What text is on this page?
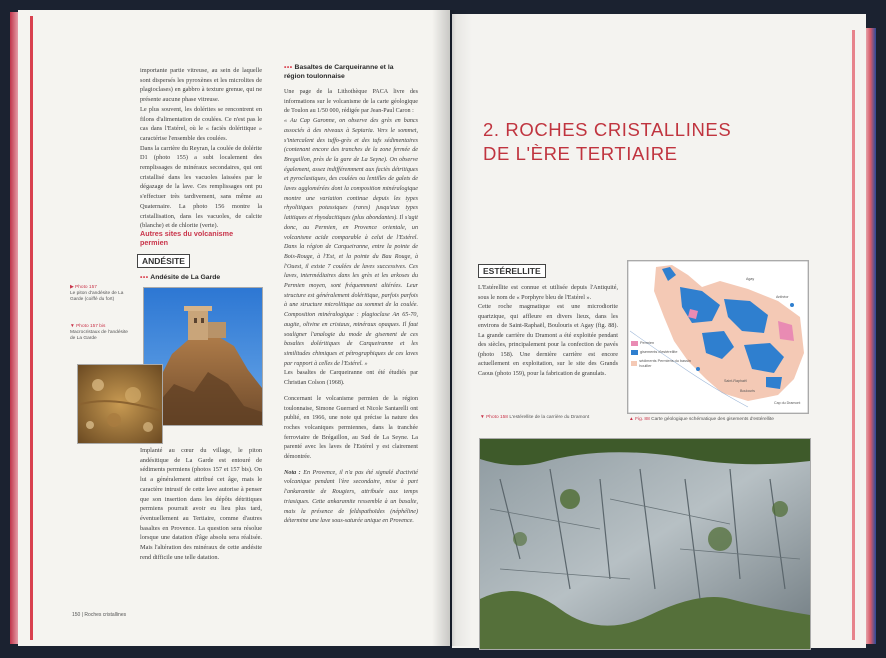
importante partie vitreuse, au sein de laquelle sont dispersés les pyroxènes et les microlites de plagioclases) en gabbro à texture grenue, qui ne présente aucune phase vitreuse.

Le plus souvent, les dolérites se rencontrent en filons d'alimentation de coulées. Ce n'est pas le cas dans l'Estérel, où le « faciès doléritique » caractérise l'ensemble des coulées.

Dans la carrière du Reyran, la coulée de dolérite D1 (photo 155) a subi localement des remplissages de minéraux secondaires, qui ont cristallisé dans les vacuoles laissées par le dégazage de la lave. Ces remplissages ont pu s'effectuer très tardivement, sans même au Quaternaire. La photo 156 montre la cristallisation, dans les vacuoles, de calcite (blanche) et de chlorite (verte).

Autres sites du volcanisme
permien
ANDÉSITE
••• Andésite de La Garde
▶ Photo 157
Le piton d'andésite de La Garde (coiffé du fort)
▼ Photo 157 bis
Macrocristaux de l'andésite de La Garde
Implanté au cœur du village, le piton andésitique de La Garde est entouré de sédiments permiens (photos 157 et 157 bis). On lui a généralement attribué cet âge, mais le caractère intrusif de cette lave autorise à penser que son insertion dans les dépôts détritiques permiens pourrait avoir eu lieu plus tard, éventuellement au Tertiaire, comme d'autres basaltes en Provence. La question sera résolue lorsque une datation d'âge absolu sera réalisée. Mais l'altération des minéraux de cette andésite rend difficile une telle datation.
••• Basaltes de Carqueiranne et la
région toulonnaise

Une page de la Lithothèque PACA livre des informations sur le volcanisme de la carte géologique de Toulon au 1/50 000, rédigée par Jean-Paul Caron :

« Au Cap Garonne, on observe des grès en bancs associés à des niveaux à Septaria. Vers le sommet, s'intercalent des tuffo-grès et des tufs sédimentaires (contenant encore des tranches de la zone fermée de Bregaillon, près de la gare de La Seyne). On observe également, assez indifféremment aux faciès détritiques et pyroclastiques, des coulées ou lentilles de galets de laves agglomérées dont la composition minéralogique montre une variation continue depuis les types rhyolitiques potassiques (rares) jusqu'aux types latitiques et rhyodacitiques (plus abondantes). Il s'agit donc, au Permien, en Provence orientale, un volcanisme acide comparable à celui de l'Estérel. Dans la région de Carqueiranne, entre la pointe de Bois-Rouge, à l'Est, et la pointe du Bau Rouge, à l'Ouest, il existe 7 coulées de laves successives. Ces laves, intermédiaires dans les grès et les arkoses du Permien moyen, sont fréquemment altérées. Leur structure est généralement doléritique, parfois parfois à une structure microlitique au sommet de la coulée. Composition minéralogique : plagioclase An 65-70, augite, olivine en cristaux, minéraux opaques. Il faut souligner l'analogie du mode de gisement de ces basaltes doléritiques de Carqueiranne et les similitudes chimiques et pétrographiques de ces laves par rapport à celles de l'Estérel. »

Les basaltes de Carqueiranne ont été étudiés par Christian Colson (1968).

Concernant le volcanisme permien de la région toulonnaise, Simone Guerrard et Nicole Santarelli ont publié, en 1966, une note qui précise la nature des roches volcaniques permiennes, dans la tranchée ferroviaire de Brégaillon, au Sud de La Seyne. La parenté avec les laves de l'Estérel y est clairement démontrée.

Nota : En Provence, il n'a pas été signalé d'activité volcanique pendant l'ère secondaire, mise à part l'ankaramite de Rougiers, attribuée aux temps triasiques. Cette ankaramite ressemble à un basalte, mais la présence de feldspathoïdes (néphéline) détermine une lave sous-saturée unique en Provence.

150 | Roches cristallines
2. ROCHES CRISTALLINES
DE L'ÈRE TERTIAIRE
ESTÉRELLITE

L'Estérellite est connue et utilisée depuis l'Antiquité, sous le nom de « Porphyre bleu de l'Estérel ».

Cette roche magmatique est une microdiorite quartzique, qui affleure en divers lieux, dans les environs de Saint-Raphaël, Boulouris et Agay (fig. 88). La grande carrière du Dramont a été exploitée pendant des siècles, principalement pour la confection de pavés (photo 158). Une dernière carrière est encore actuellement en exploitation, sur le site des Grands Caous (photo 159), pour la fabrication de granulats.

Permien
gisements d'estérellite
sédiments Permiens du bassin houiller
Agay
Anthéor
Saint-Raphaël
Boulouris
Cap du Dramont
▼ Photo 158 L'estérellite de la carrière du Dramont	▲ Fig. 88 Carte géologique schématique des gisements d'estérellite
